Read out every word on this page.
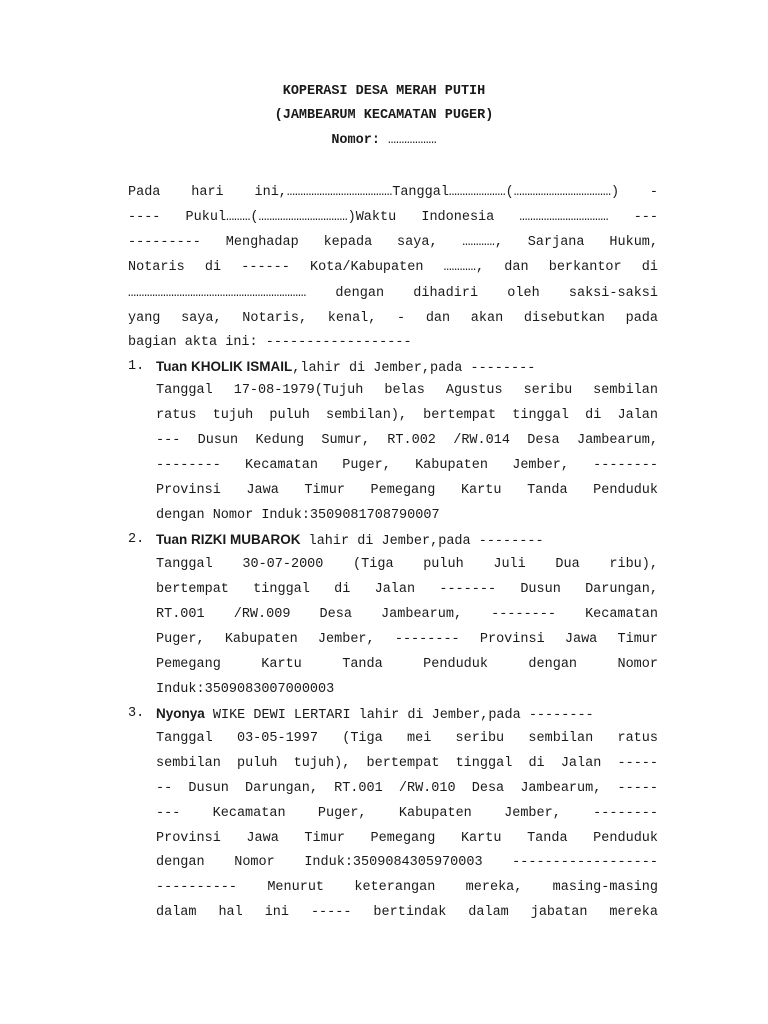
KOPERASI DESA MERAH PUTIH
(JAMBEARUM KECAMATAN PUGER)
Nomor: ………………
Pada hari ini,…………………………………Tanggal…………………(………………………………) -
---- Pukul………(……………………………)Waktu Indonesia …………………………… ---
--------- Menghadap kepada saya, …………, Sarjana Hukum,
Notaris di ------ Kota/Kabupaten …………, dan berkantor di
………………………………………………………… dengan dihadiri oleh saksi-saksi
yang saya, Notaris, kenal, - dan akan disebutkan pada
bagian akta ini: ------------------
1. Tuan KHOLIK ISMAIL,lahir di Jember,pada --------
Tanggal 17-08-1979(Tujuh belas Agustus seribu sembilan
ratus tujuh puluh sembilan), bertempat tinggal di Jalan
--- Dusun Kedung Sumur, RT.002 /RW.014 Desa Jambearum,
-------- Kecamatan Puger, Kabupaten Jember, --------
Provinsi Jawa Timur Pemegang Kartu Tanda Penduduk
dengan Nomor Induk:3509081708790007
2. Tuan RIZKI MUBAROK lahir di Jember,pada --------
Tanggal 30-07-2000 (Tiga puluh Juli Dua ribu),
bertempat tinggal di Jalan ------- Dusun Darungan,
RT.001 /RW.009 Desa Jambearum, -------- Kecamatan
Puger, Kabupaten Jember, -------- Provinsi Jawa Timur
Pemegang Kartu Tanda Penduduk dengan Nomor
Induk:3509083007000003
3. Nyonya WIKE DEWI LERTARI lahir di Jember,pada --------
Tanggal 03-05-1997 (Tiga mei seribu sembilan ratus
sembilan puluh tujuh), bertempat tinggal di Jalan -----
-- Dusun Darungan, RT.001 /RW.010 Desa Jambearum, -----
--- Kecamatan Puger, Kabupaten Jember, --------
Provinsi Jawa Timur Pemegang Kartu Tanda Penduduk
dengan Nomor Induk:3509084305970003 ------------------
---------- Menurut keterangan mereka, masing-masing
dalam hal ini ----- bertindak dalam jabatan mereka
